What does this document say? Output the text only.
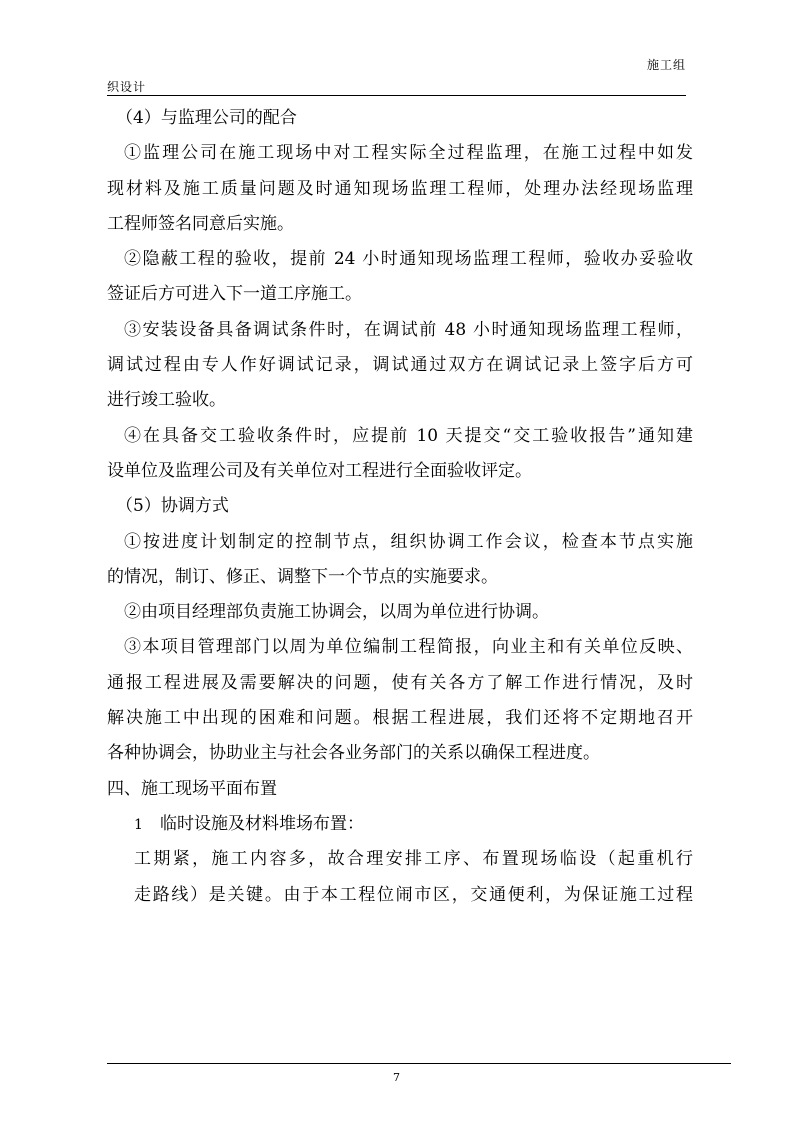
施工组
织设计
（4）与监理公司的配合
①监理公司在施工现场中对工程实际全过程监理，在施工过程中如发
现材料及施工质量问题及时通知现场监理工程师，处理办法经现场监理
工程师签名同意后实施。
②隐蔽工程的验收，提前 24 小时通知现场监理工程师，验收办妥验收
签证后方可进入下一道工序施工。
③安装设备具备调试条件时，在调试前 48 小时通知现场监理工程师，
调试过程由专人作好调试记录，调试通过双方在调试记录上签字后方可
进行竣工验收。
④在具备交工验收条件时，应提前 10 天提交“交工验收报告”通知建
设单位及监理公司及有关单位对工程进行全面验收评定。
（5）协调方式
①按进度计划制定的控制节点，组织协调工作会议，检查本节点实施
的情况，制订、修正、调整下一个节点的实施要求。
②由项目经理部负责施工协调会，以周为单位进行协调。
③本项目管理部门以周为单位编制工程简报，向业主和有关单位反映、
通报工程进展及需要解决的问题，使有关各方了解工作进行情况，及时
解决施工中出现的困难和问题。根据工程进展，我们还将不定期地召开
各种协调会，协助业主与社会各业务部门的关系以确保工程进度。
四、施工现场平面布置
1 临时设施及材料堆场布置：
工期紧，施工内容多，故合理安排工序、布置现场临设（起重机行
走路线）是关键。由于本工程位闹市区，交通便利，为保证施工过程
7
